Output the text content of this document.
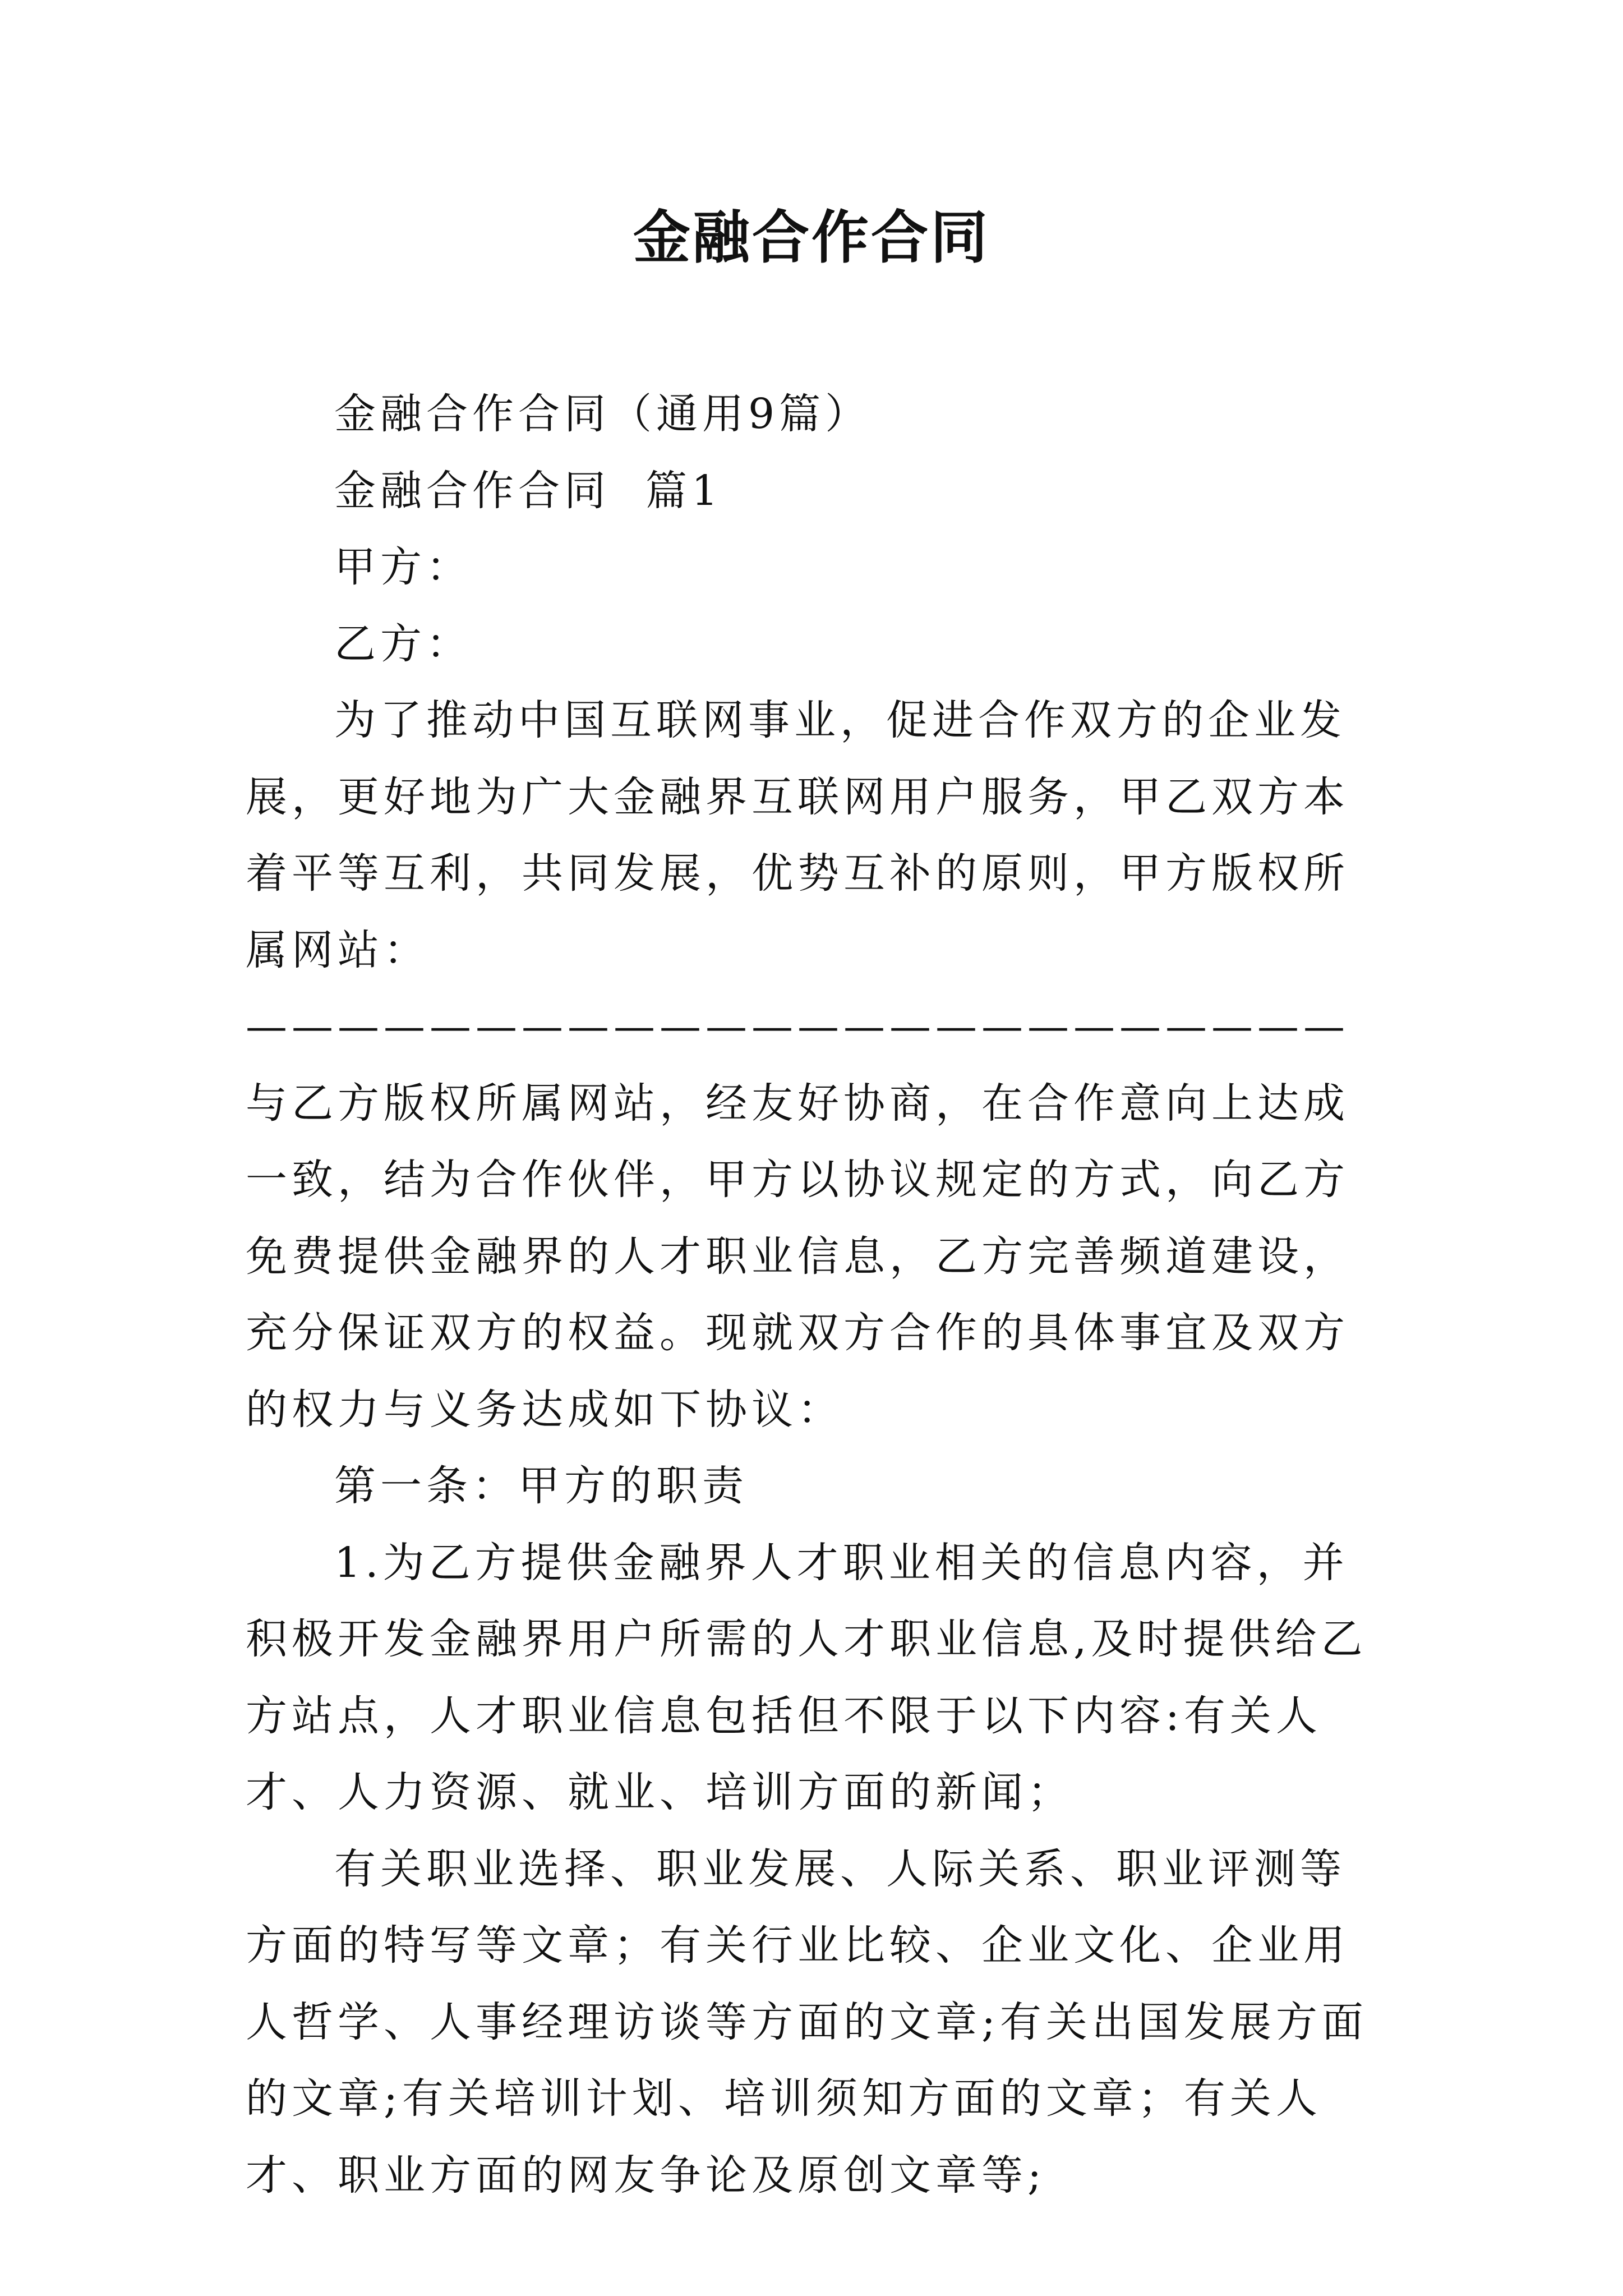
金融合作合同

金融合作合同（通用9篇）

金融合作合同  篇1

甲方：

乙方：

为了推动中国互联网事业，促进合作双方的企业发展，更好地为广大金融界互联网用户服务，甲乙双方本着平等互利，共同发展，优势互补的原则，甲方版权所属网站：————————————————————————与乙方版权所属网站，经友好协商，在合作意向上达成一致，结为合作伙伴，甲方以协议规定的方式，向乙方免费提供金融界的人才职业信息，乙方完善频道建设，充分保证双方的权益。现就双方合作的具体事宜及双方的权力与义务达成如下协议：

第一条：甲方的职责

1.为乙方提供金融界人才职业相关的信息内容，并积极开发金融界用户所需的人才职业信息,及时提供给乙方站点，人才职业信息包括但不限于以下内容:有关人才、人力资源、就业、培训方面的新闻；

有关职业选择、职业发展、人际关系、职业评测等方面的特写等文章；有关行业比较、企业文化、企业用人哲学、人事经理访谈等方面的文章;有关出国发展方面的文章;有关培训计划、培训须知方面的文章；有关人才、职业方面的网友争论及原创文章等;
